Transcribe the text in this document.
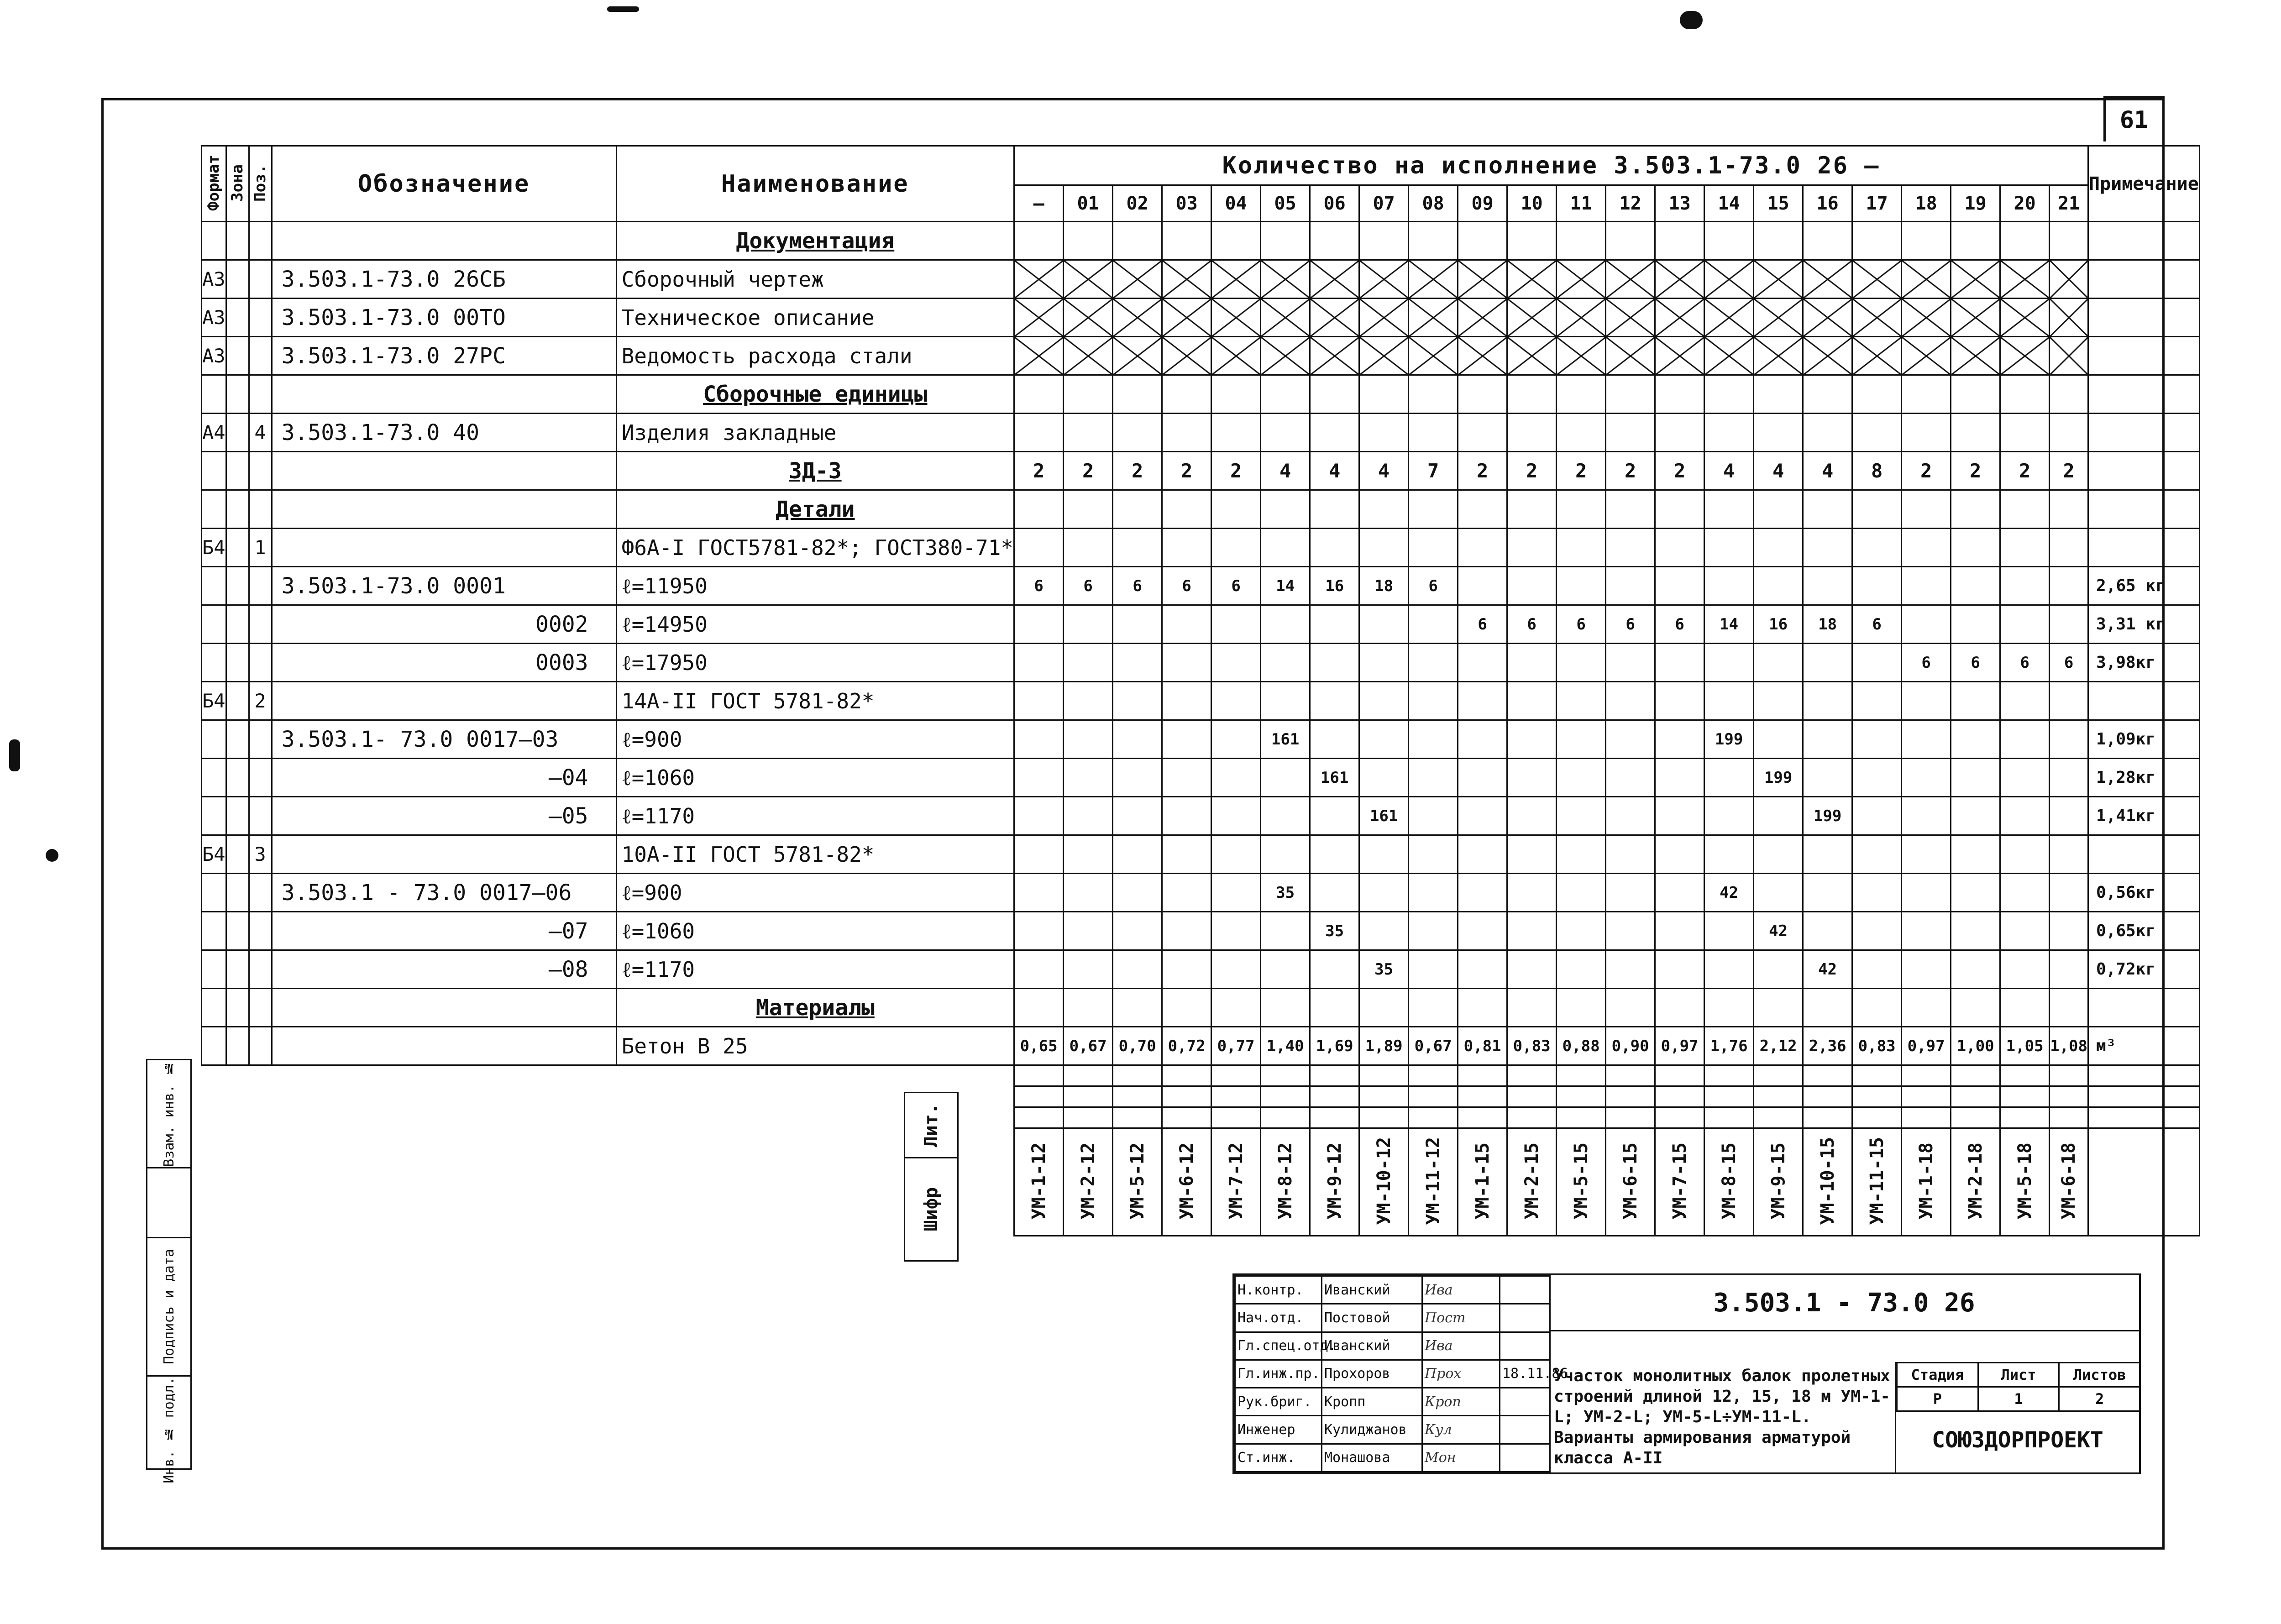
61
Формат	Зона	Поз.	Обозначение	Наименование	Количество на исполнение 3.503.1-73.0 26 —																						Примечание
					—	01	02	03	04	05	06	07	08	09	10	11	12	13	14	15	16	17	18	19	20	21	
				Документация																							
А3			3.503.1-73.0 26СБ	Сборочный чертеж																							
А3			3.503.1-73.0 00ТО	Техническое описание																							
А3			3.503.1-73.0 27РС	Ведомость расхода стали																							
				Сборочные единицы																							
А4		4	3.503.1-73.0 40	Изделия закладные																							
				ЗД-3	2	2	2	2	2	4	4	4	7	2	2	2	2	2	4	4	4	8	2	2	2	2	
				Детали																							
Б4		1		Ф6А-I ГОСТ5781-82*; ГОСТ380-71*																							
			3.503.1-73.0 0001	ℓ=11950	6	6	6	6	6	14	16	18	6														2,65 кг
			0002	ℓ=14950										6	6	6	6	6	14	16	18	6					3,31 кг
			0003	ℓ=17950																			6	6	6	6	3,98кг
Б4		2		14А-II ГОСТ 5781-82*																							
			3.503.1- 73.0 0017—03	ℓ=900						161									199								1,09кг
			—04	ℓ=1060							161									199							1,28кг
			—05	ℓ=1170								161									199						1,41кг
Б4		3		10А-II ГОСТ 5781-82*																							
			3.503.1 - 73.0 0017—06	ℓ=900						35									42								0,56кг
			—07	ℓ=1060							35									42							0,65кг
			—08	ℓ=1170								35									42						0,72кг
				Материалы																							
				Бетон В 25	0,65	0,67	0,70	0,72	0,77	1,40	1,69	1,89	0,67	0,81	0,83	0,88	0,90	0,97	1,76	2,12	2,36	0,83	0,97	1,00	1,05	1,08	м³

					УМ-1-12	УМ-2-12	УМ-5-12	УМ-6-12	УМ-7-12	УМ-8-12	УМ-9-12	УМ-10-12	УМ-11-12	УМ-1-15	УМ-2-15	УМ-5-15	УМ-6-15	УМ-7-15	УМ-8-15	УМ-9-15	УМ-10-15	УМ-11-15	УМ-1-18	УМ-2-18	УМ-5-18	УМ-6-18	
Лит.
Шифр
Взам. инв. №
Подпись и дата
Инв. № подл.
Н.контр.	Иванский	Ива	
Нач.отд.	Постовой	Пост	
Гл.спец.отд.	Иванский	Ива	
Гл.инж.пр.	Прохоров	Прох	18.11.86
Рук.бриг.	Кропп	Кроп	
Инженер	Кулиджанов	Кул	
Ст.инж.	Монашова	Мон	
3.503.1 - 73.0 26
Участок монолитных балок пролетных строений длиной 12, 15, 18 м УМ-1-L; УМ-2-L; УМ-5-L÷УМ-11-L. Варианты армирования арматурой класса А-II
Стадия	Лист	Листов
Р	1	2
СОЮЗДОРПРОЕКТ
